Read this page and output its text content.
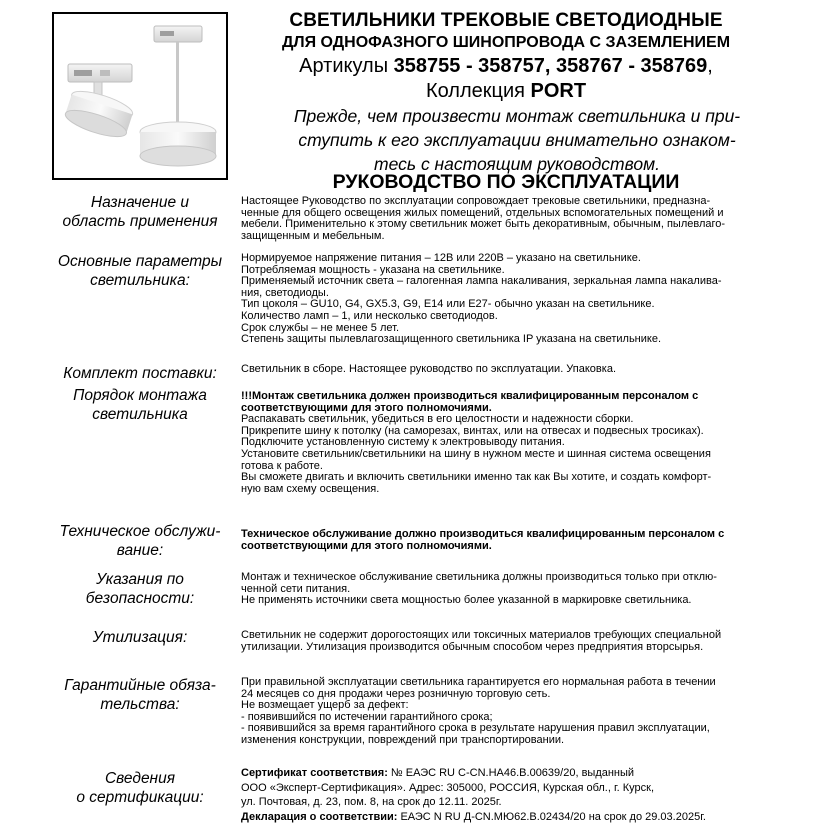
СВЕТИЛЬНИКИ ТРЕКОВЫЕ СВЕТОДИОДНЫЕ
ДЛЯ ОДНОФАЗНОГО ШИНОПРОВОДА С ЗАЗЕМЛЕНИЕМ
Артикулы 358755 - 358757, 358767 - 358769,
Коллекция PORT
Прежде, чем произвести монтаж светильника и при-
ступить к его эксплуатации внимательно ознаком-
тесь с настоящим руководством.
РУКОВОДСТВО ПО ЭКСПЛУАТАЦИИ
Назначение и
область применения
Настоящее Руководство по эксплуатации сопровождает трековые светильники, предназна-
ченные для общего освещения жилых помещений, отдельных вспомогательных помещений и
мебели. Применительно к этому светильник может быть декоративным, обычным, пылевлаго-
защищенным и мебельным.
Основные параметры
светильника:
Нормируемое напряжение питания – 12В или 220В – указано на светильнике.
Потребляемая мощность - указана на светильнике.
Применяемый источник света – галогенная лампа накаливания, зеркальная лампа накалива-
ния, светодиоды.
Тип цоколя – GU10, G4, GX5.3, G9, E14 или E27- обычно указан на светильнике.
Количество ламп – 1, или несколько светодиодов.
Срок службы – не менее 5 лет.
Степень защиты пылевлагозащищенного светильника IP указана на светильнике.
Комплект поставки:	Светильник в сборе. Настоящее руководство по эксплуатации. Упаковка.
Порядок монтажа
светильника
!!!Монтаж светильника должен производиться квалифицированным персоналом с
соответствующими для этого полномочиями.
Распакавать светильник, убедиться в его целостности и надежности сборки.
Прикрепите шину к потолку (на саморезах, винтах, или на отвесах и подвесных тросиках).
Подключите установленную систему к электровыводу питания.
Установите светильник/светильники на шину в нужном месте и шинная система освещения
готова к работе.
Вы сможете двигать и включить светильники именно так как Вы хотите, и создать комфорт-
ную вам схему освещения.
Техническое обслужи-
вание:
Техническое обслуживание должно производиться квалифицированным персоналом с
соответствующими для этого полномочиями.
Указания по
безопасности:
Монтаж и техническое обслуживание светильника должны производиться только при отклю-
ченной сети питания.
Не применять источники света мощностью более указанной в маркировке светильника.
Утилизация:	Светильник не содержит дорогостоящих или токсичных материалов требующих специальной
утилизации. Утилизация производится обычным способом через предприятия вторсырья.
Гарантийные обяза-
тельства:
При правильной эксплуатации светильника гарантируется его нормальная работа в течении
24 месяцев со дня продажи через розничную торговую сеть.
Не возмещает ущерб за дефект:
- появившийся по истечении гарантийного срока;
- появившийся за время гарантийного срока в результате нарушения правил эксплуатации,
изменения конструкции, повреждений при транспортировании.
Сведения
о сертификации:
Сертификат соответствия: № ЕАЭС RU С-CN.НА46.В.00639/20, выданный
ООО «Эксперт-Сертификация». Адрес: 305000, РОССИЯ, Курская обл., г. Курск,
ул. Почтовая, д. 23, пом. 8, на срок до 12.11. 2025г.
Декларация о соответствии: ЕАЭС N RU Д-CN.МЮ62.В.02434/20 на срок до 29.03.2025г.
